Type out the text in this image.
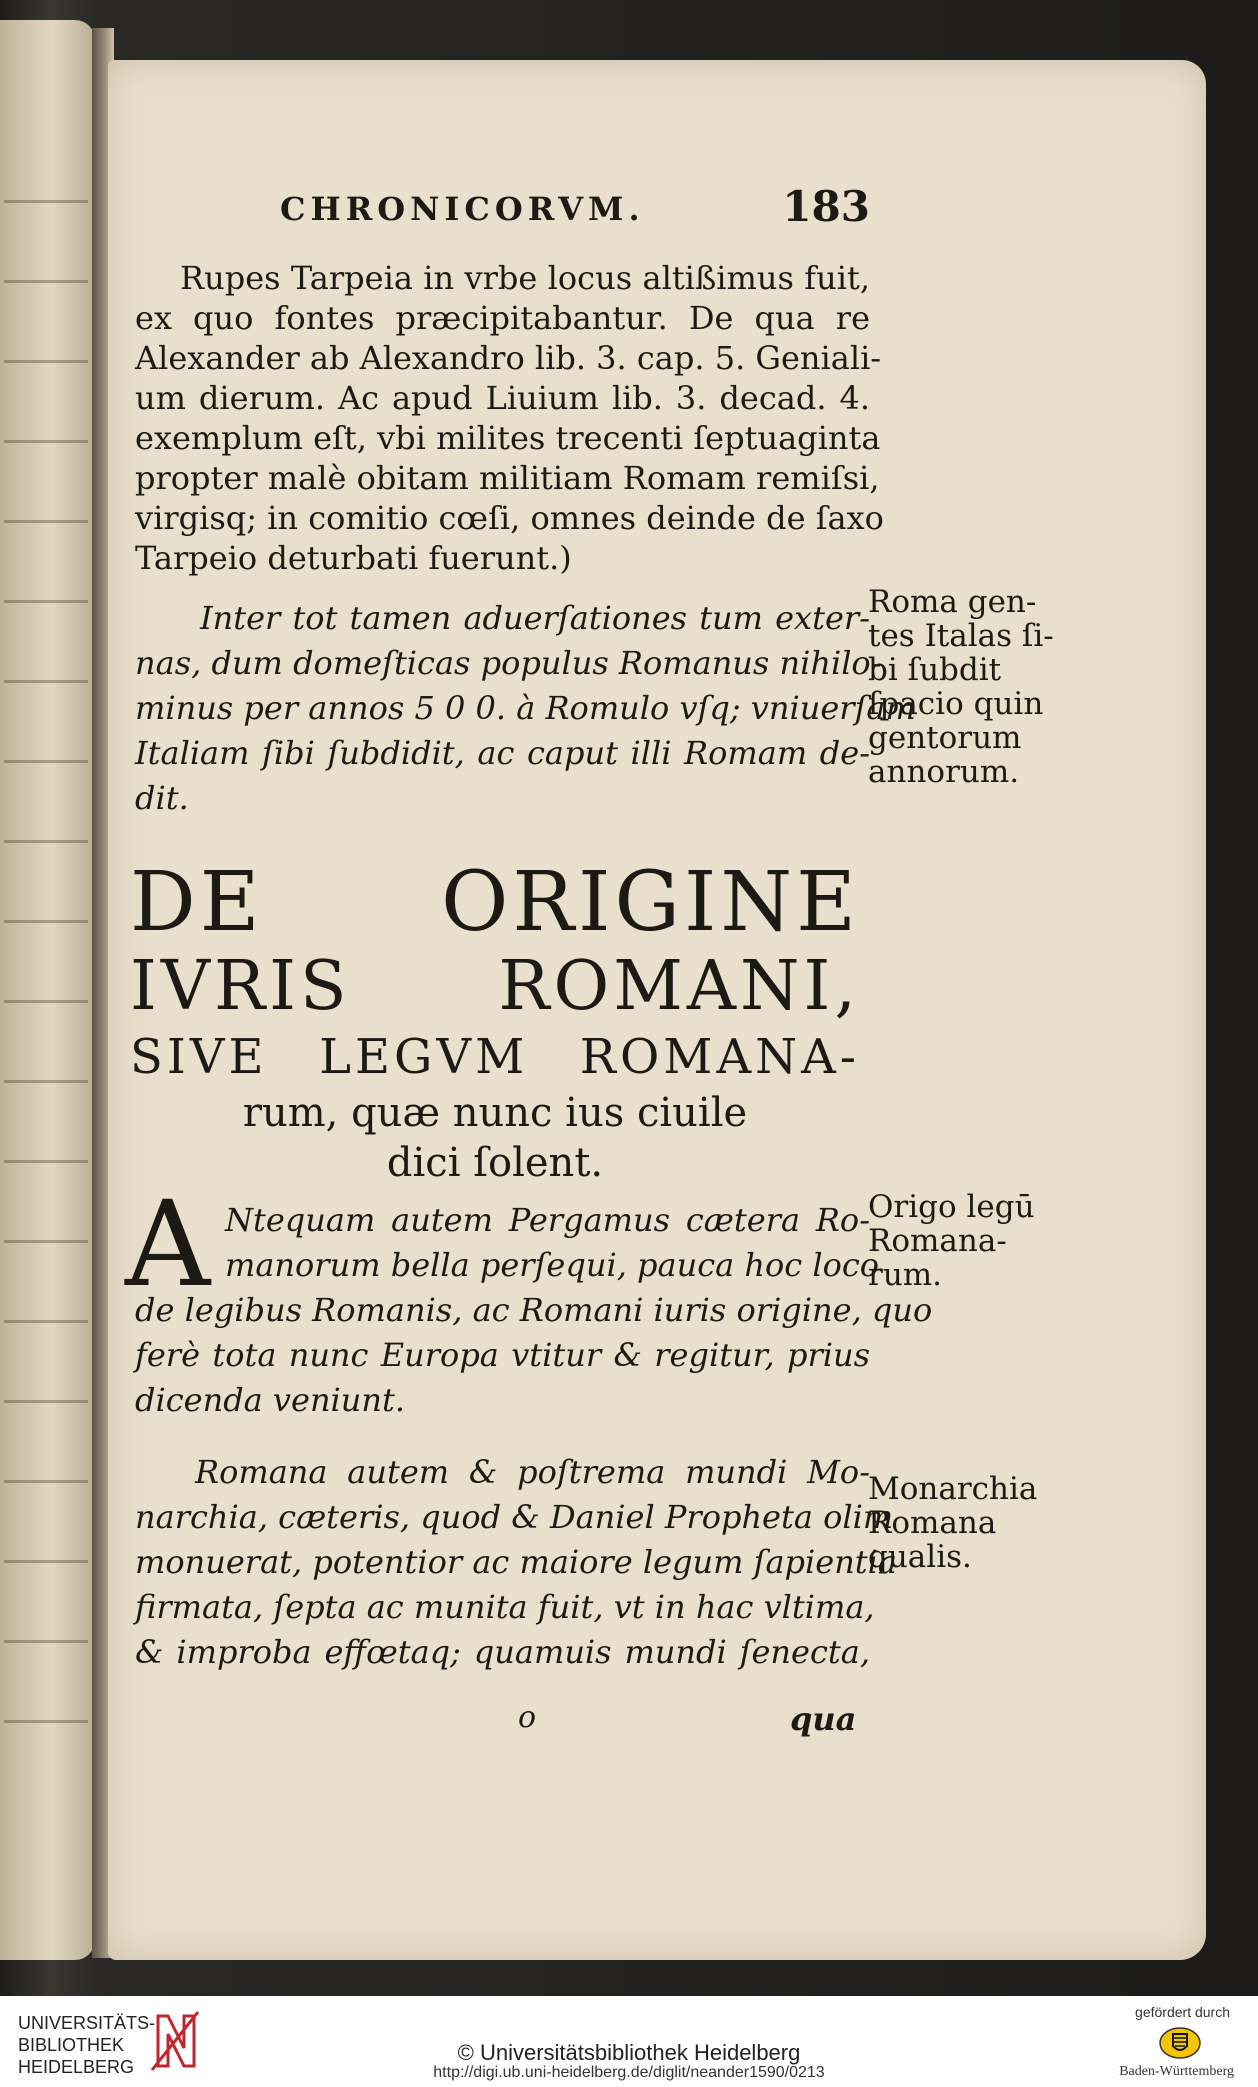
CHRONICORVM.	183
Rupes Tarpeia in vrbe locus altißimus fuit,
ex quo fontes præcipitabantur. De qua re
Alexander ab Alexandro lib. 3. cap. 5. Geniali-
um dierum. Ac apud Liuium lib. 3. decad. 4.
exemplum eſt, vbi milites trecenti ſeptuaginta
propter malè obitam militiam Romam remiſsi,
virgisq; in comitio cœſi, omnes deinde de ſaxo
Tarpeio deturbati fuerunt.)
Inter tot tamen aduerſationes tum exter-
nas, dum domeſticas populus Romanus nihilo-
minus per annos 5 0 0. à Romulo vſq; vniuerſam
Italiam ſibi ſubdidit, ac caput illi Romam de-
dit.
Roma gen-
tes Italas ſi-
bi ſubdit
ſpacio quin
gentorum
annorum.
DE ORIGINE
IVRIS ROMANI,
SIVE LEGVM ROMANA-
rum, quæ nunc ius ciuile
dici ſolent.
A Ntequam autem Pergamus cætera Ro-
manorum bella perſequi, pauca hoc loco
de legibus Romanis, ac Romani iuris origine, quo
ferè tota nunc Europa vtitur & regitur, prius
dicenda veniunt.
Origo legū
Romana-
rum.
Romana autem & poſtrema mundi Mo-
narchia, cæteris, quod & Daniel Propheta olim
monuerat, potentior ac maiore legum ſapientia
firmata, ſepta ac munita fuit, vt in hac vltima,
& improba effœtaq; quamuis mundi ſenecta,
Monarchia
Romana
qualis.
o	qua
UNIVERSITÄTS-
BIBLIOTHEK
HEIDELBERG
© Universitätsbibliothek Heidelberg
http://digi.ub.uni-heidelberg.de/diglit/neander1590/0213
gefördert durch
Baden-Württemberg
